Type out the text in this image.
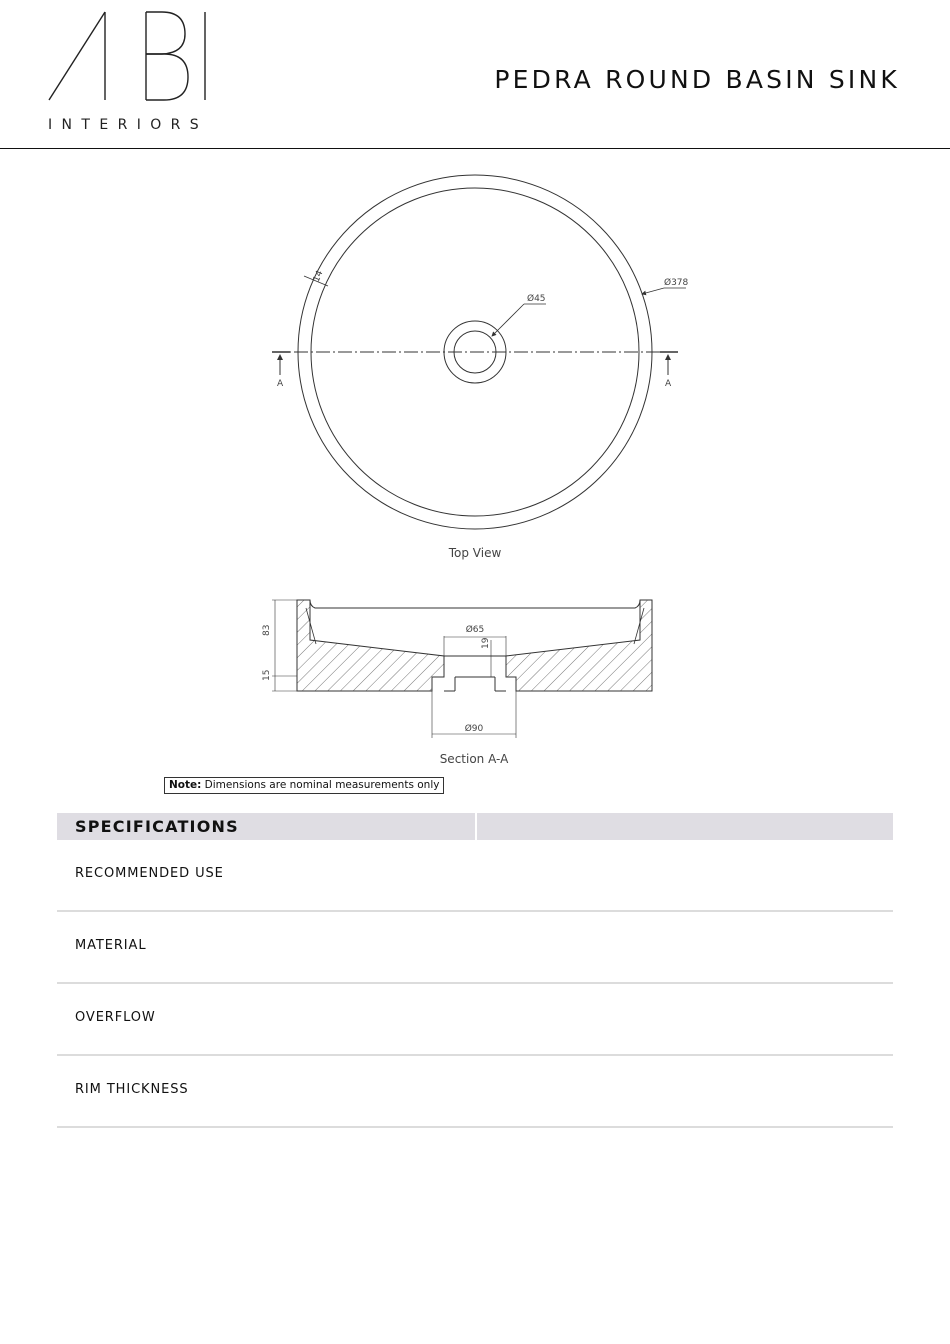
INTERIORS
PEDRA ROUND BASIN SINK
A	A
14	Ø378
Ø45
Top View
83
15
Ø65
19
Ø90
Section A-A
Note: Dimensions are nominal measurements only
SPECIFICATIONS
RECOMMENDED USE
MATERIAL
OVERFLOW
RIM THICKNESS
